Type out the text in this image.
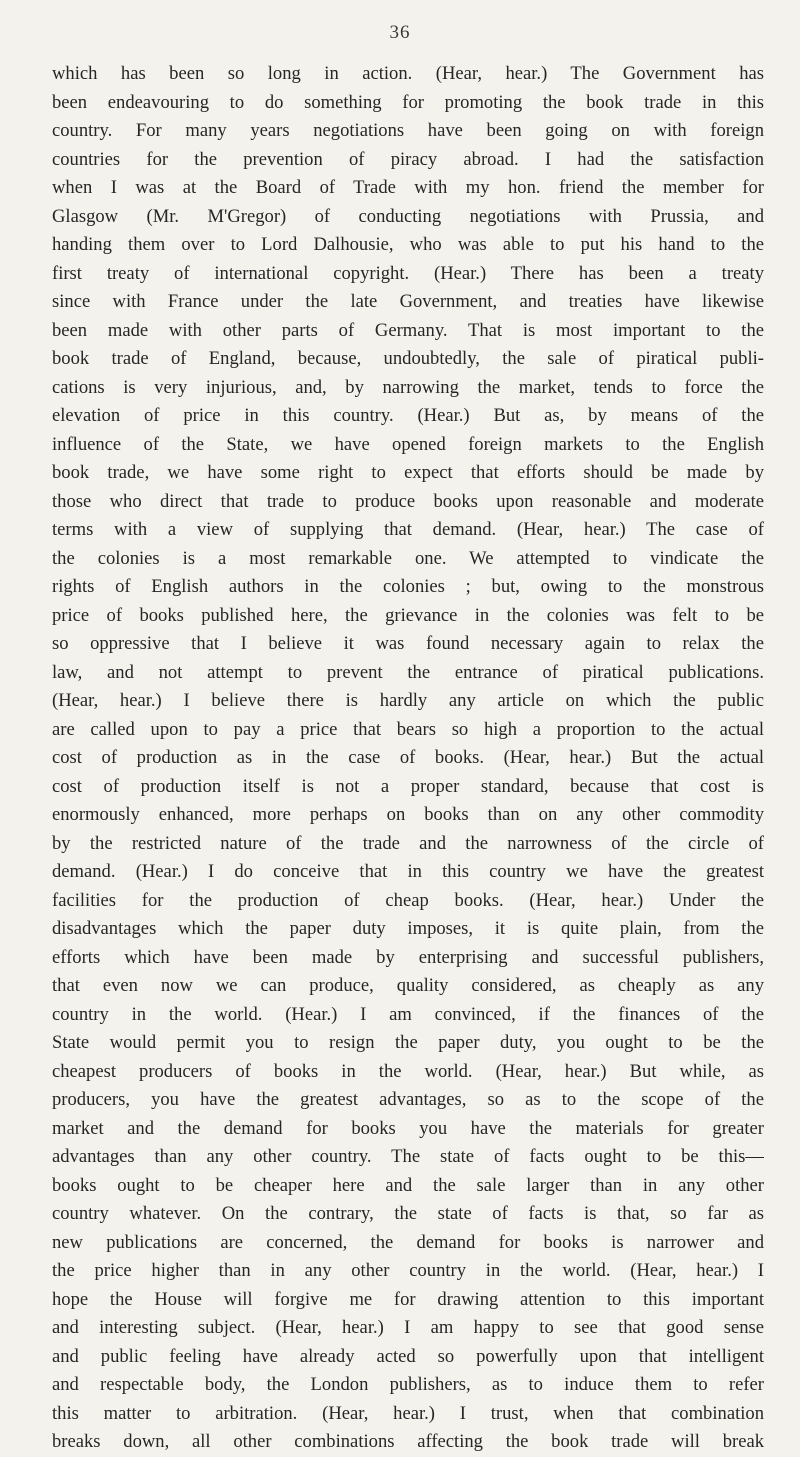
36
which has been so long in action. (Hear, hear.) The Government has
been endeavouring to do something for promoting the book trade in this
country. For many years negotiations have been going on with foreign
countries for the prevention of piracy abroad. I had the satisfaction
when I was at the Board of Trade with my hon. friend the member for
Glasgow (Mr. M'Gregor) of conducting negotiations with Prussia, and
handing them over to Lord Dalhousie, who was able to put his hand to the
first treaty of international copyright. (Hear.) There has been a treaty
since with France under the late Government, and treaties have likewise
been made with other parts of Germany. That is most important to the
book trade of England, because, undoubtedly, the sale of piratical publi-
cations is very injurious, and, by narrowing the market, tends to force the
elevation of price in this country. (Hear.) But as, by means of the
influence of the State, we have opened foreign markets to the English
book trade, we have some right to expect that efforts should be made by
those who direct that trade to produce books upon reasonable and moderate
terms with a view of supplying that demand. (Hear, hear.) The case of
the colonies is a most remarkable one. We attempted to vindicate the
rights of English authors in the colonies ; but, owing to the monstrous
price of books published here, the grievance in the colonies was felt to be
so oppressive that I believe it was found necessary again to relax the
law, and not attempt to prevent the entrance of piratical publications.
(Hear, hear.) I believe there is hardly any article on which the public
are called upon to pay a price that bears so high a proportion to the actual
cost of production as in the case of books. (Hear, hear.) But the actual
cost of production itself is not a proper standard, because that cost is
enormously enhanced, more perhaps on books than on any other commodity
by the restricted nature of the trade and the narrowness of the circle of
demand. (Hear.) I do conceive that in this country we have the greatest
facilities for the production of cheap books. (Hear, hear.) Under the
disadvantages which the paper duty imposes, it is quite plain, from the
efforts which have been made by enterprising and successful publishers,
that even now we can produce, quality considered, as cheaply as any
country in the world. (Hear.) I am convinced, if the finances of the
State would permit you to resign the paper duty, you ought to be the
cheapest producers of books in the world. (Hear, hear.) But while, as
producers, you have the greatest advantages, so as to the scope of the
market and the demand for books you have the materials for greater
advantages than any other country. The state of facts ought to be this—
books ought to be cheaper here and the sale larger than in any other
country whatever. On the contrary, the state of facts is that, so far as
new publications are concerned, the demand for books is narrower and
the price higher than in any other country in the world. (Hear, hear.) I
hope the House will forgive me for drawing attention to this important
and interesting subject. (Hear, hear.) I am happy to see that good sense
and public feeling have already acted so powerfully upon that intelligent
and respectable body, the London publishers, as to induce them to refer
this matter to arbitration. (Hear, hear.) I trust, when that combination
breaks down, all other combinations affecting the book trade will break
